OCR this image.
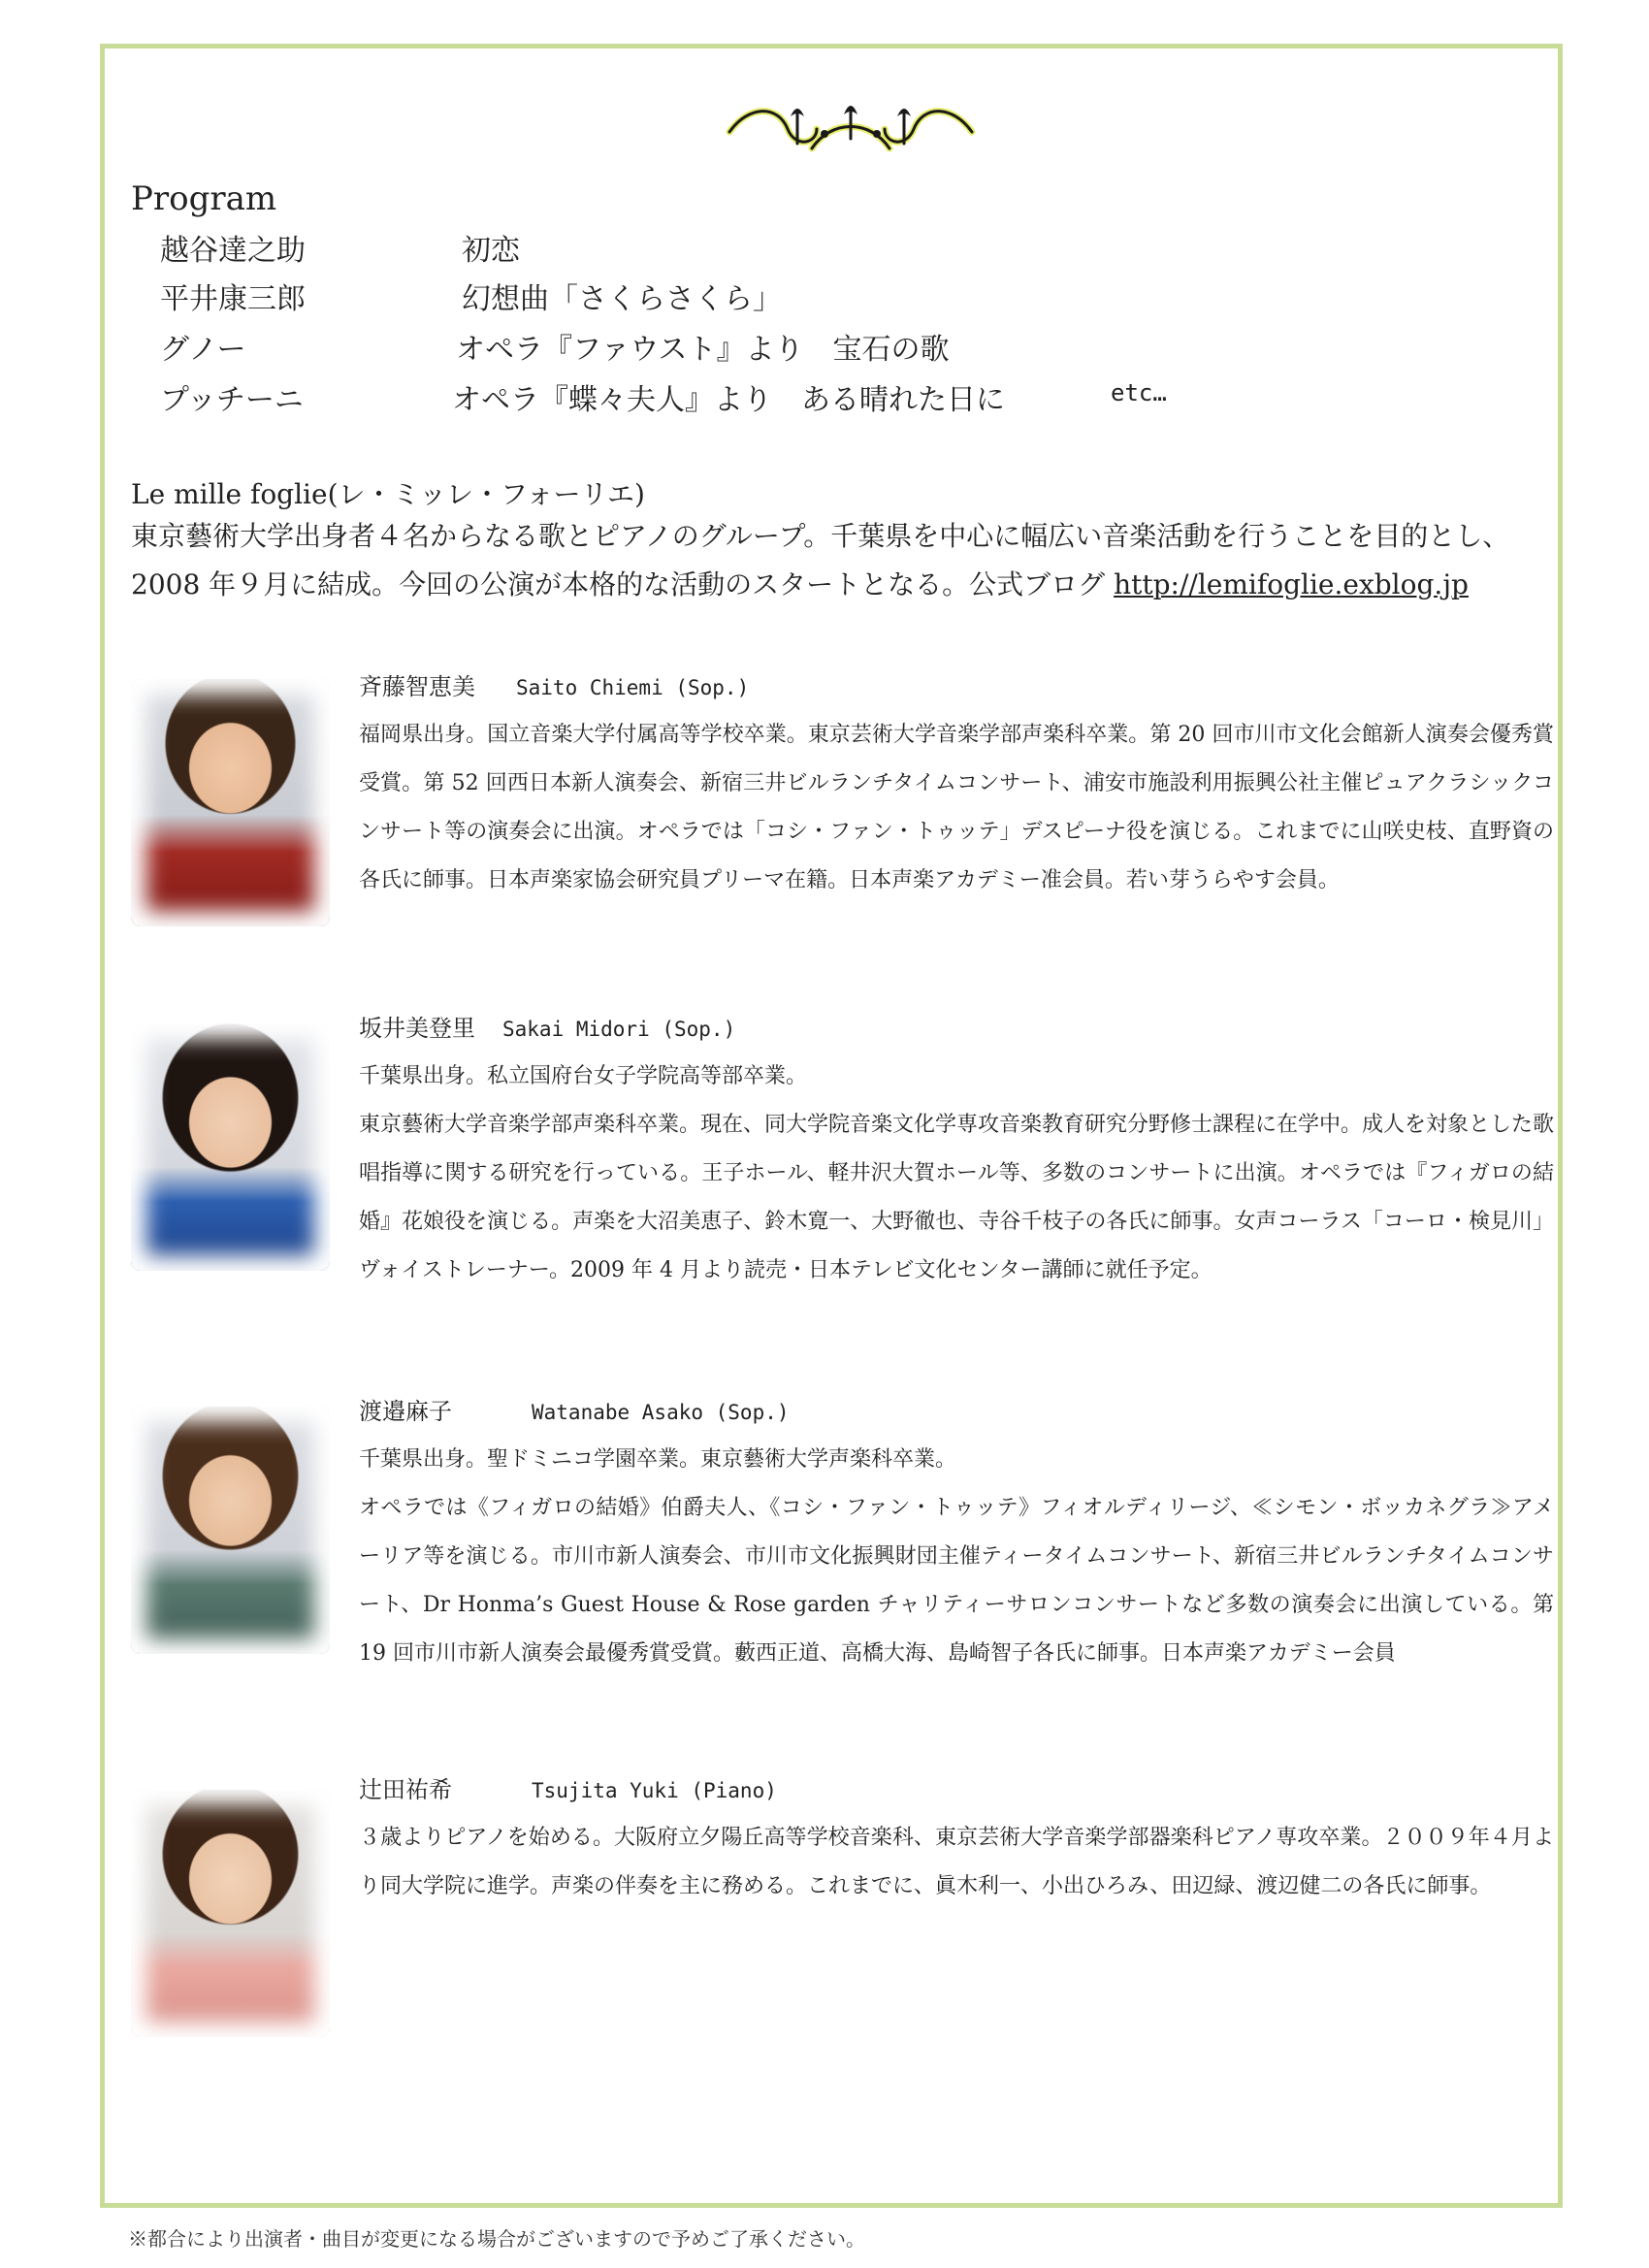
Program
越谷達之助	初恋
平井康三郎	幻想曲「さくらさくら」
グノー	オペラ『ファウスト』より　宝石の歌
プッチーニ	オペラ『蝶々夫人』より　ある晴れた日に	etc…
Le mille foglie(レ・ミッレ・フォーリエ)
東京藝術大学出身者４名からなる歌とピアノのグループ。千葉県を中心に幅広い音楽活動を行うことを目的とし、2008 年９月に結成。今回の公演が本格的な活動のスタートとなる。公式ブログ http://lemifoglie.exblog.jp
斉藤智恵美 Saito Chiemi (Sop.)
福岡県出身。国立音楽大学付属高等学校卒業。東京芸術大学音楽学部声楽科卒業。第 20 回市川市文化会館新人演奏会優秀賞受賞。第 52 回西日本新人演奏会、新宿三井ビルランチタイムコンサート、浦安市施設利用振興公社主催ピュアクラシックコンサート等の演奏会に出演。オペラでは「コシ・ファン・トゥッテ」デスピーナ役を演じる。これまでに山咲史枝、直野資の各氏に師事。日本声楽家協会研究員プリーマ在籍。日本声楽アカデミー准会員。若い芽うらやす会員。
坂井美登里 Sakai Midori (Sop.)
千葉県出身。私立国府台女子学院高等部卒業。
東京藝術大学音楽学部声楽科卒業。現在、同大学院音楽文化学専攻音楽教育研究分野修士課程に在学中。成人を対象とした歌唱指導に関する研究を行っている。王子ホール、軽井沢大賀ホール等、多数のコンサートに出演。オペラでは『フィガロの結婚』花娘役を演じる。声楽を大沼美恵子、鈴木寛一、大野徹也、寺谷千枝子の各氏に師事。女声コーラス「コーロ・検見川」ヴォイストレーナー。2009 年 4 月より読売・日本テレビ文化センター講師に就任予定。
渡邉麻子	Watanabe Asako (Sop.)
千葉県出身。聖ドミニコ学園卒業。東京藝術大学声楽科卒業。
オペラでは《フィガロの結婚》伯爵夫人、《コシ・ファン・トゥッテ》フィオルディリージ、≪シモン・ボッカネグラ≫アメーリア等を演じる。市川市新人演奏会、市川市文化振興財団主催ティータイムコンサート、新宿三井ビルランチタイムコンサート、Dr Honma’s Guest House & Rose garden チャリティーサロンコンサートなど多数の演奏会に出演している。第 19 回市川市新人演奏会最優秀賞受賞。藪西正道、高橋大海、島崎智子各氏に師事。日本声楽アカデミー会員
辻田祐希	Tsujita Yuki (Piano)
３歳よりピアノを始める。大阪府立夕陽丘高等学校音楽科、東京芸術大学音楽学部器楽科ピアノ専攻卒業。２００９年４月より同大学院に進学。声楽の伴奏を主に務める。これまでに、眞木利一、小出ひろみ、田辺緑、渡辺健二の各氏に師事。
※都合により出演者・曲目が変更になる場合がございますので予めご了承ください。
